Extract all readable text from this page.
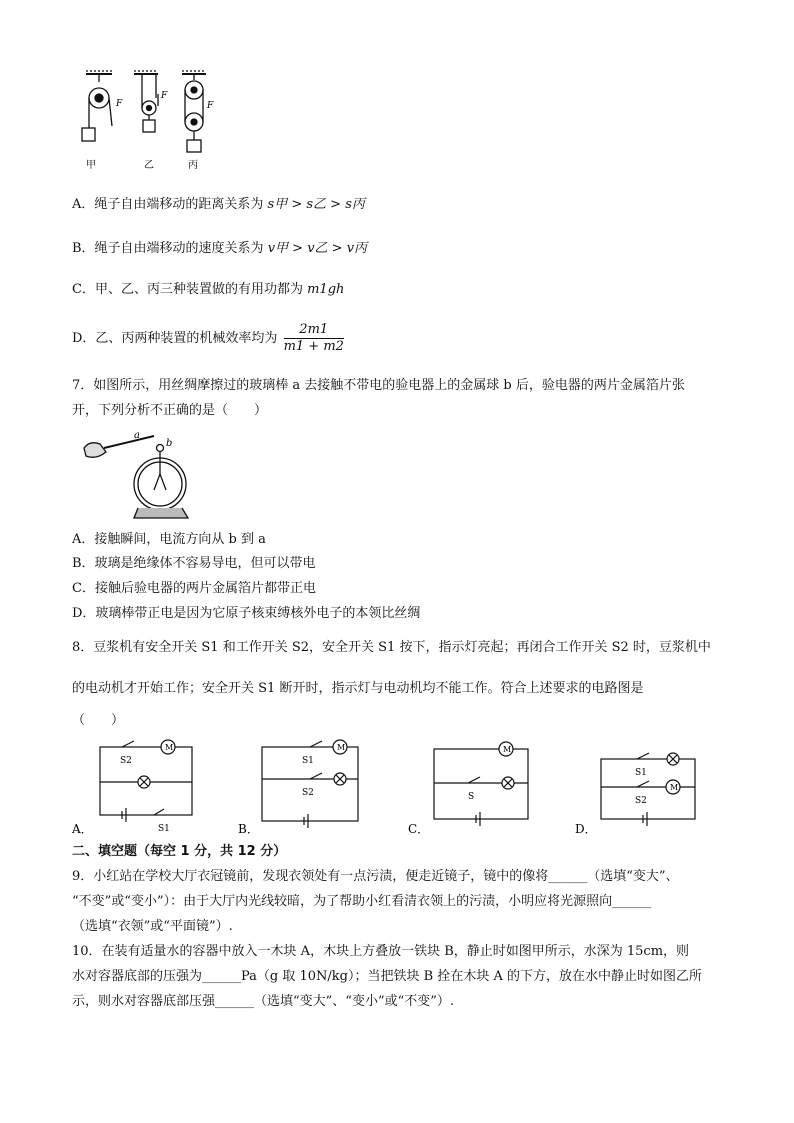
F
F
F
甲	乙	丙
A．绳子自由端移动的距离关系为 s甲 > s乙 > s丙
B．绳子自由端移动的速度关系为 v甲 > v乙 > v丙
C．甲、乙、丙三种装置做的有用功都为 m1gh
D．乙、丙两种装置的机械效率均为 $\frac{2m1}{m1 + m2}$
7．如图所示，用丝绸摩擦过的玻璃棒 a 去接触不带电的验电器上的金属球 b 后，验电器的两片金属箔片张
开，下列分析不正确的是（　　）
a
b
A．接触瞬间，电流方向从 b 到 a
B．玻璃是绝缘体不容易导电，但可以带电
C．接触后验电器的两片金属箔片都带正电
D．玻璃棒带正电是因为它原子核束缚核外电子的本领比丝绸
8．豆浆机有安全开关 S1 和工作开关 S2，安全开关 S1 按下，指示灯亮起；再闭合工作开关 S2 时，豆浆机中
的电动机才开始工作；安全开关 S1 断开时，指示灯与电动机均不能工作。符合上述要求的电路图是
（　　）
M
S2
S1
A．
M
S1
S2
B．
M
S
C．
M
S1
S2
D．
二、填空题（每空 1 分，共 12 分）
9．小红站在学校大厅衣冠镜前，发现衣领处有一点污渍，便走近镜子，镜中的像将______（选填“变大”、
“不变”或“变小”）：由于大厅内光线较暗，为了帮助小红看清衣领上的污渍，小明应将光源照向______
（选填“衣领”或“平面镜”）.
10．在装有适量水的容器中放入一木块 A，木块上方叠放一铁块 B，静止时如图甲所示，水深为 15cm，则
水对容器底部的压强为______Pa（g 取 10N/kg）；当把铁块 B 拴在木块 A 的下方，放在水中静止时如图乙所
示，则水对容器底部压强______（选填“变大”、“变小”或“不变”）.
